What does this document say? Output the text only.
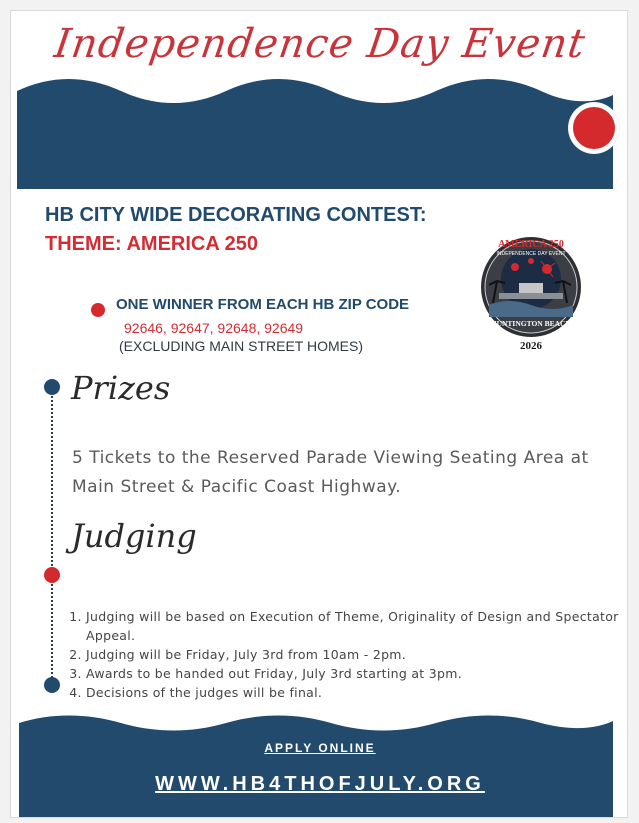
Independence Day Event
HB CITY WIDE DECORATING CONTEST:
THEME: AMERICA 250
ONE WINNER FROM EACH HB ZIP CODE
92646, 92647, 92648, 92649
(EXCLUDING MAIN STREET HOMES)
AMERICA 250
INDEPENDENCE DAY EVENT
HUNTINGTON BEACH
2026
Prizes
5 Tickets to the Reserved Parade Viewing Seating Area at Main Street & Pacific Coast Highway.
Judging
1. Judging will be based on Execution of Theme, Originality of Design and Spectator Appeal.
2. Judging will be Friday, July 3rd from 10am - 2pm.
3. Awards to be handed out Friday, July 3rd starting at 3pm.
4. Decisions of the judges will be final.
APPLY ONLINE
WWW.HB4THOFJULY.ORG
